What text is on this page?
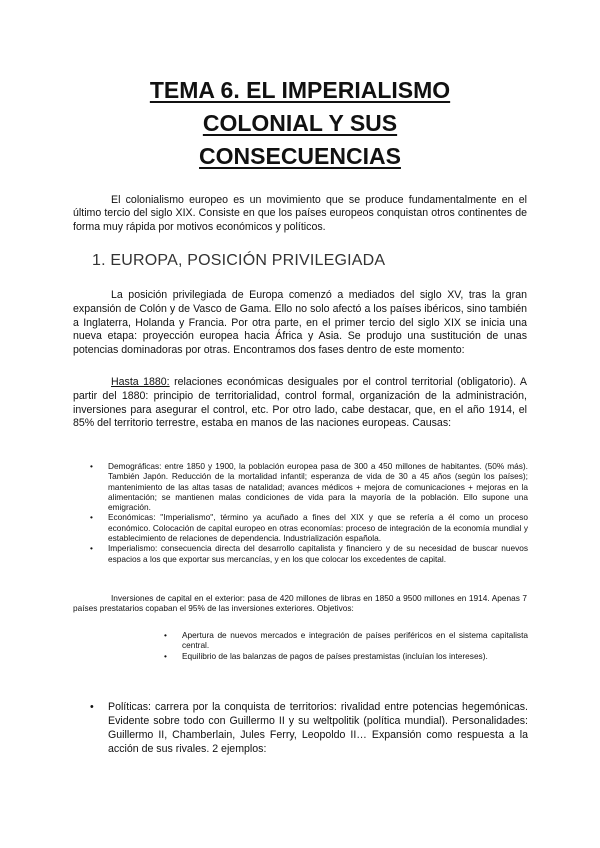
TEMA 6. EL IMPERIALISMO
COLONIAL Y SUS
CONSECUENCIAS

El colonialismo europeo es un movimiento que se produce fundamentalmente en el último tercio del siglo XIX. Consiste en que los países europeos conquistan otros continentes de forma muy rápida por motivos económicos y políticos.

1. EUROPA, POSICIÓN PRIVILEGIADA

La posición privilegiada de Europa comenzó a mediados del siglo XV, tras la gran expansión de Colón y de Vasco de Gama. Ello no solo afectó a los países ibéricos, sino también a Inglaterra, Holanda y Francia. Por otra parte, en el primer tercio del siglo XIX se inicia una nueva etapa: proyección europea hacia África y Asia. Se produjo una sustitución de unas potencias dominadoras por otras. Encontramos dos fases dentro de este momento:

Hasta 1880: relaciones económicas desiguales por el control territorial (obligatorio). A partir del 1880: principio de territorialidad, control formal, organización de la administración, inversiones para asegurar el control, etc. Por otro lado, cabe destacar, que, en el año 1914, el 85% del territorio terrestre, estaba en manos de las naciones europeas. Causas:

• Demográficas: entre 1850 y 1900, la población europea pasa de 300 a 450 millones de habitantes. (50% más). También Japón. Reducción de la mortalidad infantil; esperanza de vida de 30 a 45 años (según los países); mantenimiento de las altas tasas de natalidad; avances médicos + mejora de comunicaciones + mejoras en la alimentación; se mantienen malas condiciones de vida para la mayoría de la población. Ello supone una emigración.
• Económicas: "Imperialismo", término ya acuñado a fines del XIX y que se refería a él como un proceso económico. Colocación de capital europeo en otras economías: proceso de integración de la economía mundial y establecimiento de relaciones de dependencia. Industrialización española.
• Imperialismo: consecuencia directa del desarrollo capitalista y financiero y de su necesidad de buscar nuevos espacios a los que exportar sus mercancías, y en los que colocar los excedentes de capital.

Inversiones de capital en el exterior: pasa de 420 millones de libras en 1850 a 9500 millones en 1914. Apenas 7 países prestatarios copaban el 95% de las inversiones exteriores. Objetivos:

• Apertura de nuevos mercados e integración de países periféricos en el sistema capitalista central.
• Equilibrio de las balanzas de pagos de países prestamistas (incluían los intereses).
• Políticas: carrera por la conquista de territorios: rivalidad entre potencias hegemónicas. Evidente sobre todo con Guillermo II y su weltpolitik (política mundial). Personalidades: Guillermo II, Chamberlain, Jules Ferry, Leopoldo II… Expansión como respuesta a la acción de sus rivales. 2 ejemplos:
